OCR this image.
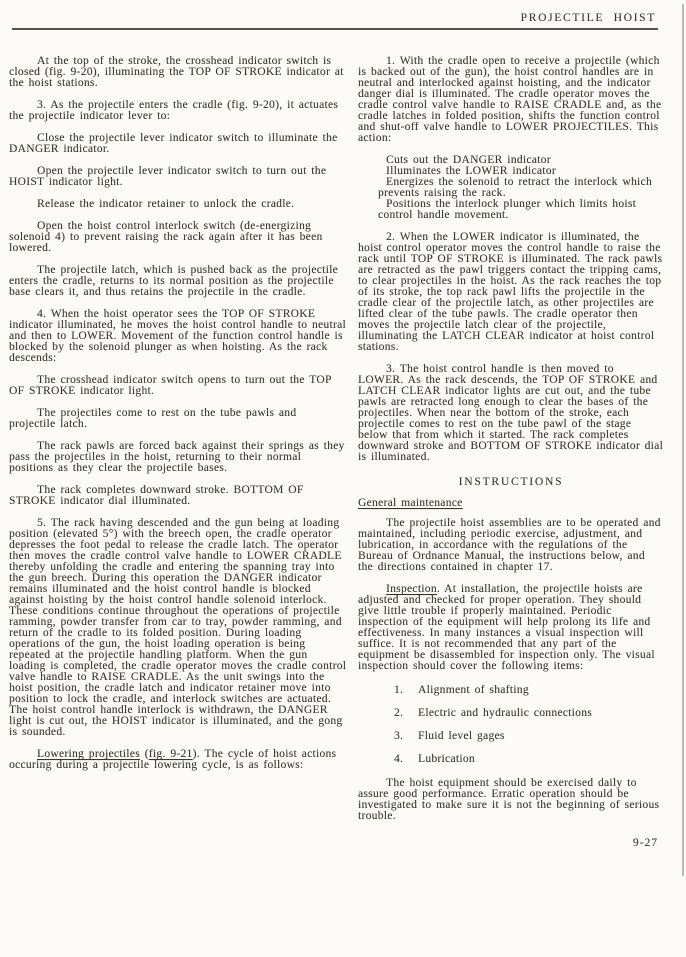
PROJECTILE HOIST

At the top of the stroke, the crosshead indicator switch is closed (fig. 9-20), illuminating the TOP OF STROKE indicator at the hoist stations.

3. As the projectile enters the cradle (fig. 9-20), it actuates the projectile indicator lever to:

Close the projectile lever indicator switch to illuminate the DANGER indicator.

Open the projectile lever indicator switch to turn out the HOIST indicator light.

Release the indicator retainer to unlock the cradle.

Open the hoist control interlock switch (de-energizing solenoid 4) to prevent raising the rack again after it has been lowered.

The projectile latch, which is pushed back as the projectile enters the cradle, returns to its normal position as the projectile base clears it, and thus retains the projectile in the cradle.

4. When the hoist operator sees the TOP OF STROKE indicator illuminated, he moves the hoist control handle to neutral and then to LOWER. Movement of the function control handle is blocked by the solenoid plunger as when hoisting. As the rack descends:

The crosshead indicator switch opens to turn out the TOP OF STROKE indicator light.

The projectiles come to rest on the tube pawls and projectile latch.

The rack pawls are forced back against their springs as they pass the projectiles in the hoist, returning to their normal positions as they clear the projectile bases.

The rack completes downward stroke. BOTTOM OF STROKE indicator dial illuminated.

5. The rack having descended and the gun being at loading position (elevated 5°) with the breech open, the cradle operator depresses the foot pedal to release the cradle latch. The operator then moves the cradle control valve handle to LOWER CRADLE thereby unfolding the cradle and entering the spanning tray into the gun breech. During this operation the DANGER indicator remains illuminated and the hoist control handle is blocked against hoisting by the hoist control handle solenoid interlock. These conditions continue throughout the operations of projectile ramming, powder transfer from car to tray, powder ramming, and return of the cradle to its folded position. During loading operations of the gun, the hoist loading operation is being repeated at the projectile handling platform. When the gun loading is completed, the cradle operator moves the cradle control valve handle to RAISE CRADLE. As the unit swings into the hoist position, the cradle latch and indicator retainer move into position to lock the cradle, and interlock switches are actuated. The hoist control handle interlock is withdrawn, the DANGER light is cut out, the HOIST indicator is illuminated, and the gong is sounded.

Lowering projectiles (fig. 9-21). The cycle of hoist actions occuring during a projectile lowering cycle, is as follows:

1. With the cradle open to receive a projectile (which is backed out of the gun), the hoist control handles are in neutral and interlocked against hoisting, and the indicator danger dial is illuminated. The cradle operator moves the cradle control valve handle to RAISE CRADLE and, as the cradle latches in folded position, shifts the function control and shut-off valve handle to LOWER PROJECTILES. This action:

Cuts out the DANGER indicator

Illuminates the LOWER indicator

Energizes the solenoid to retract the interlock which prevents raising the rack.

Positions the interlock plunger which limits hoist control handle movement.

2. When the LOWER indicator is illuminated, the hoist control operator moves the control handle to raise the rack until TOP OF STROKE is illuminated. The rack pawls are retracted as the pawl triggers contact the tripping cams, to clear projectiles in the hoist. As the rack reaches the top of its stroke, the top rack pawl lifts the projectile in the cradle clear of the projectile latch, as other projectiles are lifted clear of the tube pawls. The cradle operator then moves the projectile latch clear of the projectile, illuminating the LATCH CLEAR indicator at hoist control stations.

3. The hoist control handle is then moved to LOWER. As the rack descends, the TOP OF STROKE and LATCH CLEAR indicator lights are cut out, and the tube pawls are retracted long enough to clear the bases of the projectiles. When near the bottom of the stroke, each projectile comes to rest on the tube pawl of the stage below that from which it started. The rack completes downward stroke and BOTTOM OF STROKE indicator dial is illuminated.

INSTRUCTIONS
General maintenance

The projectile hoist assemblies are to be operated and maintained, including periodic exercise, adjustment, and lubrication, in accordance with the regulations of the Bureau of Ordnance Manual, the instructions below, and the directions contained in chapter 17.

Inspection. At installation, the projectile hoists are adjusted and checked for proper operation. They should give little trouble if properly maintained. Periodic inspection of the equipment will help prolong its life and effectiveness. In many instances a visual inspection will suffice. It is not recommended that any part of the equipment be disassembled for inspection only. The visual inspection should cover the following items:

1. Alignment of shafting
2. Electric and hydraulic connections
3. Fluid level gages
4. Lubrication

The hoist equipment should be exercised daily to assure good performance. Erratic operation should be investigated to make sure it is not the beginning of serious trouble.

9-27
